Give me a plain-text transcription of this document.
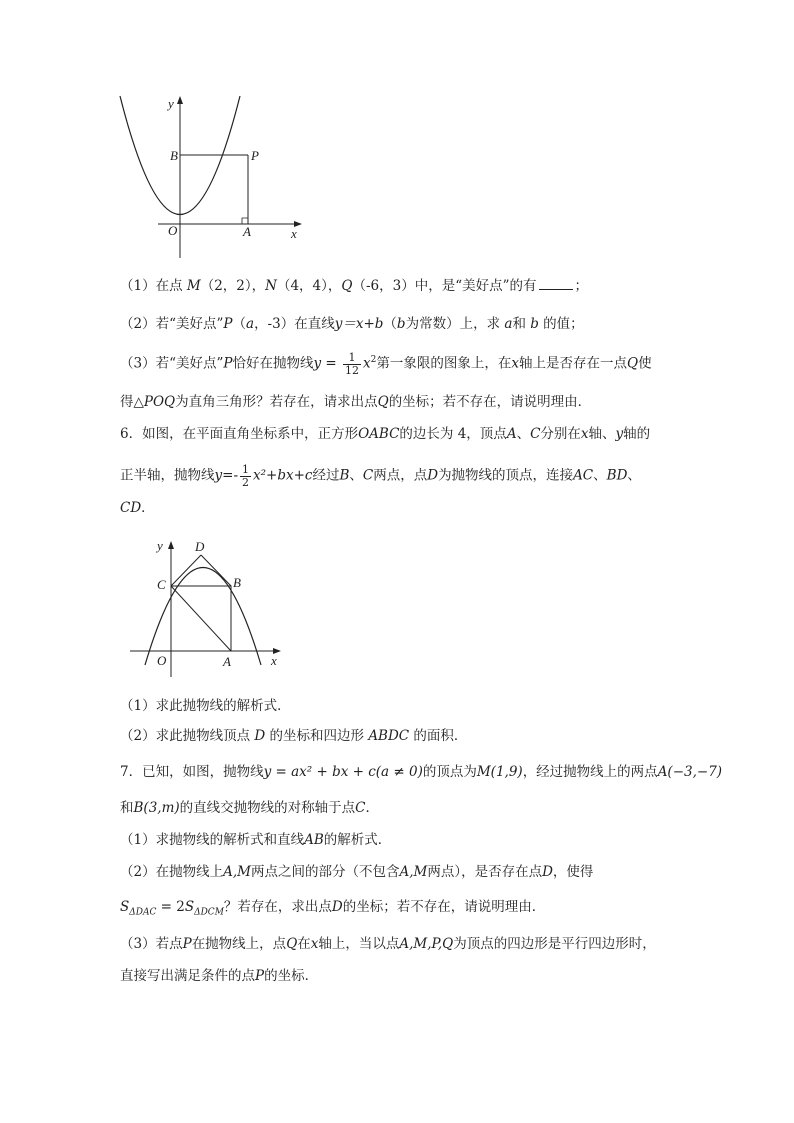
y
B	P
O	A	x
（1）在点 M（2，2），N（4，4），Q（-6，3）中，是“美好点”的有	；
（2）若“美好点”P（a，-3）在直线y＝x+b（b为常数）上，求 a和 b 的值；
（3）若“美好点”P恰好在抛物线$y = \frac{1}{12} x^2$第一象限的图象上，在x轴上是否存在一点Q使
得△POQ为直角三角形？若存在，请求出点Q的坐标；若不存在，请说明理由．
6．如图，在平面直角坐标系中，正方形OABC的边长为 4，顶点A、C分别在x轴、y轴的
正半轴，抛物线$y=- \frac{1}{2} x^2+bx+c$经过B、C两点，点D为抛物线的顶点，连接AC、BD、
CD．
y D
C	B
O	A	x
（1）求此抛物线的解析式．
（2）求此抛物线顶点 D 的坐标和四边形 ABDC 的面积．
7．已知，如图，抛物线y = ax² + bx + c(a ≠ 0)的顶点为M(1,9)，经过抛物线上的两点A(−3,−7)
和B(3,m)的直线交抛物线的对称轴于点C．
（1）求抛物线的解析式和直线AB的解析式．
（2）在抛物线上A,M两点之间的部分（不包含A,M两点），是否存在点D，使得
$S_{\Delta DAC} = 2S_{\Delta DCM}$？若存在，求出点D的坐标；若不存在，请说明理由．
（3）若点P在抛物线上，点Q在x轴上，当以点A,M,P,Q为顶点的四边形是平行四边形时，
直接写出满足条件的点P的坐标．
